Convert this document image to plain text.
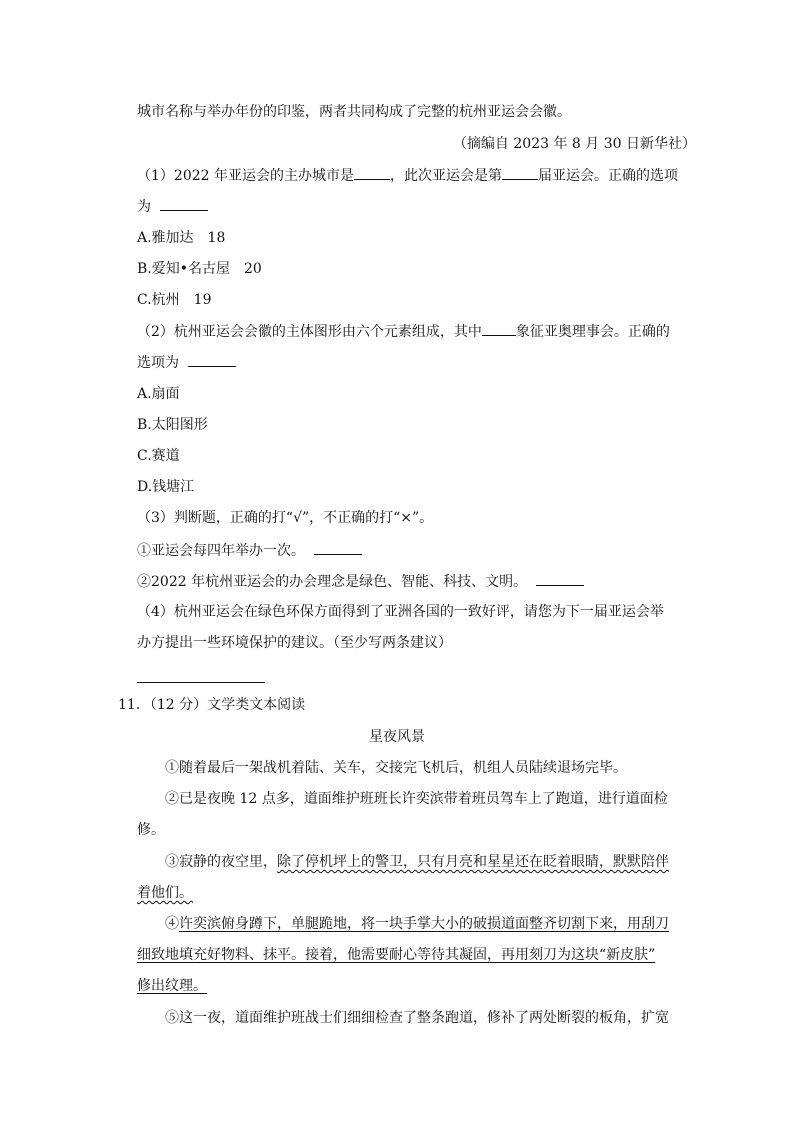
城市名称与举办年份的印鉴，两者共同构成了完整的杭州亚运会会徽。
（摘编自 2023 年 8 月 30 日新华社）
（1）2022 年亚运会的主办城市是	，此次亚运会是第	届亚运会。正确的选项
为
A.雅加达　18
B.爱知•名古屋　20
C.杭州　19
（2）杭州亚运会会徽的主体图形由六个元素组成，其中 象征亚奥理事会。正确的
选项为
A.扇面
B.太阳图形
C.赛道
D.钱塘江
（3）判断题，正确的打“√”，不正确的打“×”。
①亚运会每四年举办一次。
②2022 年杭州亚运会的办会理念是绿色、智能、科技、文明。
（4）杭州亚运会在绿色环保方面得到了亚洲各国的一致好评，请您为下一届亚运会举
办方提出一些环境保护的建议。（至少写两条建议）
11．（12 分）文学类文本阅读
星夜风景
①随着最后一架战机着陆、关车，交接完飞机后，机组人员陆续退场完毕。
②已是夜晚 12 点多，道面维护班班长许奕滨带着班员驾车上了跑道，进行道面检
修。
③寂静的夜空里，除了停机坪上的警卫，只有月亮和星星还在眨着眼睛，默默陪伴
着他们。
④许奕滨俯身蹲下，单腿跪地，将一块手掌大小的破损道面整齐切割下来，用刮刀
细致地填充好物料、抹平。接着，他需要耐心等待其凝固，再用刻刀为这块“新皮肤”
修出纹理。
⑤这一夜，道面维护班战士们细细检查了整条跑道，修补了两处断裂的板角，扩宽
